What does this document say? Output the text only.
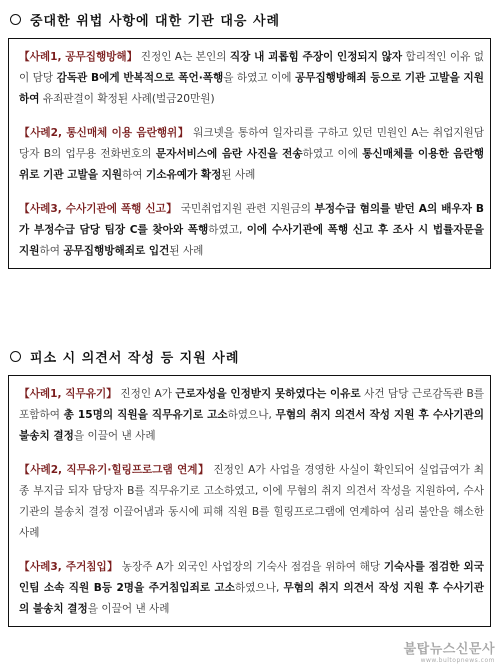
중대한 위법 사항에 대한 기관 대응 사례

【사례1, 공무집행방해】 진정인 A는 본인의 직장 내 괴롭힘 주장이 인정되지 않자 합리적인 이유 없이 담당 감독관 B에게 반복적으로 폭언·폭행을 하였고 이에 공무집행방해죄 등으로 기관 고발을 지원하여 유죄판결이 확정된 사례(벌금20만원)

【사례2, 통신매체 이용 음란행위】 워크넷을 통하여 일자리를 구하고 있던 민원인 A는 취업지원담당자 B의 업무용 전화번호의 문자서비스에 음란 사진을 전송하였고 이에 통신매체를 이용한 음란행위로 기관 고발을 지원하여 기소유예가 확정된 사례

【사례3, 수사기관에 폭행 신고】 국민취업지원 관련 지원금의 부정수급 혐의를 받던 A의 배우자 B가 부정수급 담당 팀장 C를 찾아와 폭행하였고, 이에 수사기관에 폭행 신고 후 조사 시 법률자문을 지원하여 공무집행방해죄로 입건된 사례

피소 시 의견서 작성 등 지원 사례

【사례1, 직무유기】 진정인 A가 근로자성을 인정받지 못하였다는 이유로 사건 담당 근로감독관 B를 포함하여 총 15명의 직원을 직무유기로 고소하였으나, 무혐의 취지 의견서 작성 지원 후 수사기관의 불송치 결정을 이끌어 낸 사례

【사례2, 직무유기·힐링프로그램 연계】 진정인 A가 사업을 경영한 사실이 확인되어 실업급여가 최종 부지급 되자 담당자 B를 직무유기로 고소하였고, 이에 무혐의 취지 의견서 작성을 지원하여, 수사기관의 불송치 결정 이끌어냄과 동시에 피해 직원 B를 힐링프로그램에 연계하여 심리 불안을 해소한 사례

【사례3, 주거침입】 농장주 A가 외국인 사업장의 기숙사 점검을 위하여 해당 기숙사를 점검한 외국인팀 소속 직원 B등 2명을 주거침입죄로 고소하였으나, 무혐의 취지 의견서 작성 지원 후 수사기관의 불송치 결정을 이끌어 낸 사례

불탑뉴스신문사
www.bultopnews.com
